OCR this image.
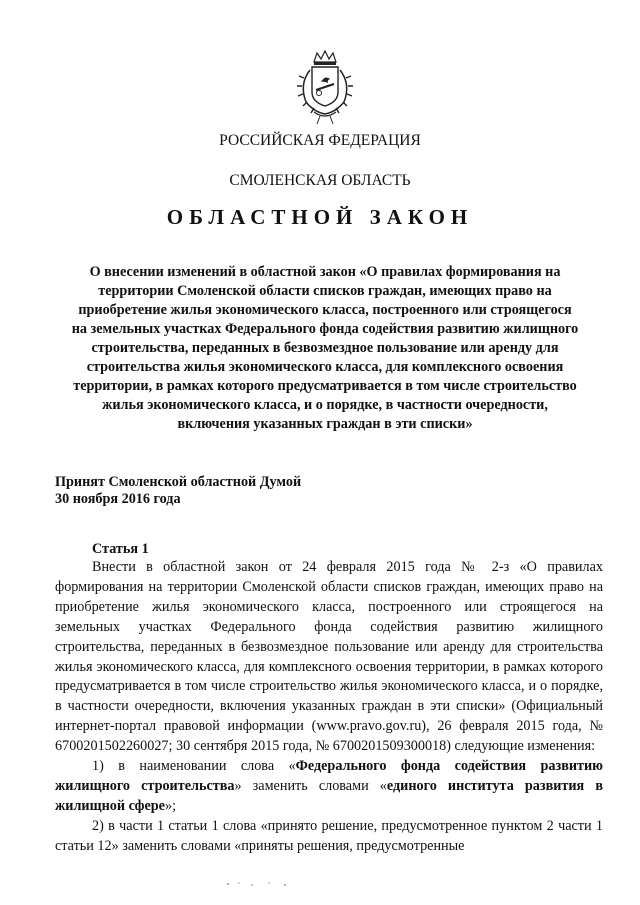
РОССИЙСКАЯ ФЕДЕРАЦИЯ

СМОЛЕНСКАЯ ОБЛАСТЬ

ОБЛАСТНОЙ ЗАКОН

О внесении изменений в областной закон «О правилах формирования на территории Смоленской области списков граждан, имеющих право на приобретение жилья экономического класса, построенного или строящегося на земельных участках Федерального фонда содействия развитию жилищного строительства, переданных в безвозмездное пользование или аренду для строительства жилья экономического класса, для комплексного освоения территории, в рамках которого предусматривается в том числе строительство жилья экономического класса, и о порядке, в частности очередности, включения указанных граждан в эти списки»

Принят Смоленской областной Думой
30 ноября 2016 года

Статья 1

Внести в областной закон от 24 февраля 2015 года № 2-з «О правилах формирования на территории Смоленской области списков граждан, имеющих право на приобретение жилья экономического класса, построенного или строящегося на земельных участках Федерального фонда содействия развитию жилищного строительства, переданных в безвозмездное пользование или аренду для строительства жилья экономического класса, для комплексного освоения территории, в рамках которого предусматривается в том числе строительство жилья экономического класса, и о порядке, в частности очередности, включения указанных граждан в эти списки» (Официальный интернет-портал правовой информации (www.pravo.gov.ru), 26 февраля 2015 года, № 6700201502260027; 30 сентября 2015 года, № 6700201509300018) следующие изменения:

1) в наименовании слова «Федерального фонда содействия развитию жилищного строительства» заменить словами «единого института развития в жилищной сфере»;

2) в части 1 статьи 1 слова «принято решение, предусмотренное пунктом 2 части 1 статьи 12» заменить словами «приняты решения, предусмотренные
